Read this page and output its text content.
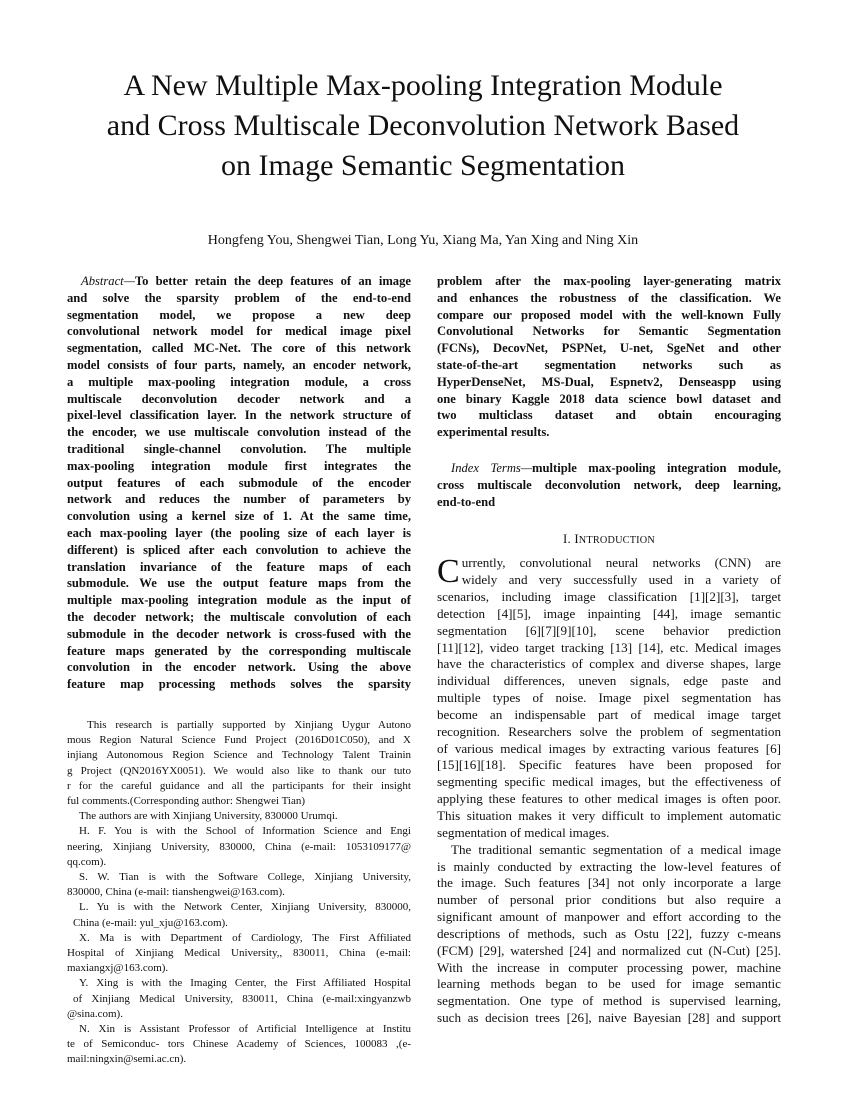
A New Multiple Max-pooling Integration Module
and Cross Multiscale Deconvolution Network Based
on Image Semantic Segmentation
Hongfeng You, Shengwei Tian, Long Yu, Xiang Ma, Yan Xing and Ning Xin
Abstract—To better retain the deep features of an image
and solve the sparsity problem of the end-to-end
segmentation model, we propose a new deep
convolutional network model for medical image pixel
segmentation, called MC-Net. The core of this network
model consists of four parts, namely, an encoder network,
a multiple max-pooling integration module, a cross
multiscale deconvolution decoder network and a
pixel-level classification layer. In the network structure of
the encoder, we use multiscale convolution instead of the
traditional single-channel convolution. The multiple
max-pooling integration module first integrates the
output features of each submodule of the encoder
network and reduces the number of parameters by
convolution using a kernel size of 1. At the same time,
each max-pooling layer (the pooling size of each layer is
different) is spliced after each convolution to achieve the
translation invariance of the feature maps of each
submodule. We use the output feature maps from the
multiple max-pooling integration module as the input of
the decoder network; the multiscale convolution of each
submodule in the decoder network is cross-fused with the
feature maps generated by the corresponding multiscale
convolution in the encoder network. Using the above
feature map processing methods solves the sparsity
This research is partially supported by Xinjiang Uygur Autono
mous Region Natural Science Fund Project (2016D01C050), and X
injiang Autonomous Region Science and Technology Talent Trainin
g Project (QN2016YX0051). We would also like to thank our tuto
r for the careful guidance and all the participants for their insight
ful comments.(Corresponding author: Shengwei Tian)
The authors are with Xinjiang University, 830000 Urumqi.
H. F. You is with the School of Information Science and Engi
neering, Xinjiang University, 830000, China (e-mail: 1053109177@
qq.com).
S. W. Tian is with the Software College, Xinjiang University,
830000, China (e-mail: tianshengwei@163.com).
L. Yu is with the Network Center, Xinjiang University, 830000,
China (e-mail: yul_xju@163.com).
X. Ma is with Department of Cardiology, The First Affiliated
Hospital of Xinjiang Medical University,, 830011, China (e-mail:
maxiangxj@163.com).
Y. Xing is with the Imaging Center, the First Affiliated Hospital
of Xinjiang Medical University, 830011, China (e-mail:xingyanzwb
@sina.com).
N. Xin is Assistant Professor of Artificial Intelligence at Institu
te of Semiconduc- tors Chinese Academy of Sciences, 100083 ,(e-
mail:ningxin@semi.ac.cn).
problem after the max-pooling layer-generating matrix
and enhances the robustness of the classification. We
compare our proposed model with the well-known Fully
Convolutional Networks for Semantic Segmentation
(FCNs), DecovNet, PSPNet, U-net, SgeNet and other
state-of-the-art segmentation networks such as
HyperDenseNet, MS-Dual, Espnetv2, Denseaspp using
one binary Kaggle 2018 data science bowl dataset and
two multiclass dataset and obtain encouraging
experimental results.
Index Terms—multiple max-pooling integration module,
cross multiscale deconvolution network, deep learning,
end-to-end
I. INTRODUCTION
C urrently, convolutional neural networks (CNN) are
widely and very successfully used in a variety of
scenarios, including image classification [1][2][3], target
detection [4][5], image inpainting [44], image semantic
segmentation [6][7][9][10], scene behavior prediction
[11][12], video target tracking [13] [14], etc. Medical images
have the characteristics of complex and diverse shapes, large
individual differences, uneven signals, edge paste and
multiple types of noise. Image pixel segmentation has
become an indispensable part of medical image target
recognition. Researchers solve the problem of segmentation
of various medical images by extracting various features [6]
[15][16][18]. Specific features have been proposed for
segmenting specific medical images, but the effectiveness of
applying these features to other medical images is often poor.
This situation makes it very difficult to implement automatic
segmentation of medical images.
The traditional semantic segmentation of a medical image
is mainly conducted by extracting the low-level features of
the image. Such features [34] not only incorporate a large
number of personal prior conditions but also require a
significant amount of manpower and effort according to the
descriptions of methods, such as Ostu [22], fuzzy c-means
(FCM) [29], watershed [24] and normalized cut (N-Cut) [25].
With the increase in computer processing power, machine
learning methods began to be used for image semantic
segmentation. One type of method is supervised learning,
such as decision trees [26], naive Bayesian [28] and support
